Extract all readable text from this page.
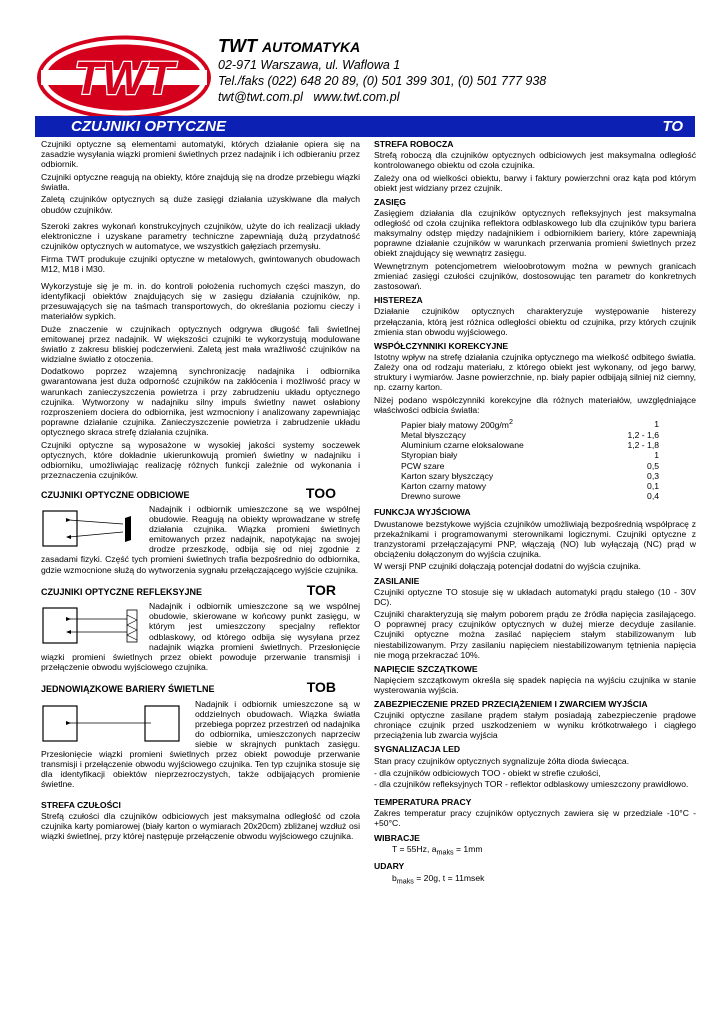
TWT
TWT AUTOMATYKA
02-971 Warszawa, ul. Waflowa 1
Tel./faks (022) 648 20 89, (0) 501 399 301, (0) 501 777 938
twt@twt.com.pl www.twt.com.pl
CZUJNIKI OPTYCZNE	TO

Czujniki optyczne są elementami automatyki, których działanie opiera się na zasadzie wysyłania wiązki promieni świetlnych przez nadajnik i ich odbieraniu przez odbiornik.

Czujniki optyczne reagują na obiekty, które znajdują się na drodze przebiegu wiązki światła.

Zaletą czujników optycznych są duże zasięgi działania uzyskiwane dla małych obudów czujników.

Szeroki zakres wykonań konstrukcyjnych czujników, użyte do ich realizacji układy elektroniczne i uzyskane parametry techniczne zapewniają dużą przydatność czujników optycznych w automatyce, we wszystkich gałęziach przemysłu.

Firma TWT produkuje czujniki optyczne w metalowych, gwintowanych obudowach M12, M18 i M30.

Wykorzystuje się je m. in. do kontroli położenia ruchomych części maszyn, do identyfikacji obiektów znajdujących się w zasięgu działania czujników, np. przesuwających się na taśmach transportowych, do określania poziomu cieczy i materiałów sypkich.

Duże znaczenie w czujnikach optycznych odgrywa długość fali świetlnej emitowanej przez nadajnik. W większości czujniki te wykorzystują modulowane światło z zakresu bliskiej podczerwieni. Zaletą jest mała wrażliwość czujników na widzialne światło z otoczenia.

Dodatkowo poprzez wzajemną synchronizację nadajnika i odbiornika gwarantowana jest duża odporność czujników na zakłócenia i możliwość pracy w warunkach zanieczyszczenia powietrza i przy zabrudzeniu układu optycznego czujnika. Wytworzony w nadajniku silny impuls świetlny nawet osłabiony rozproszeniem dociera do odbiornika, jest wzmocniony i analizowany zapewniając poprawne działanie czujnika. Zanieczyszczenie powietrza i zabrudzenie układu optycznego skraca strefę działania czujnika.

Czujniki optyczne są wyposażone w wysokiej jakości systemy soczewek optycznych, które dokładnie ukierunkowują promień świetlny w nadajniku i odbiorniku, umożliwiając realizację różnych funkcji zależnie od wykonania i przeznaczenia czujników.

CZUJNIKI OPTYCZNE ODBICIOWE	TOO

Nadajnik i odbiornik umieszczone są we wspólnej obudowie. Reagują na obiekty wprowadzane w strefę działania czujnika. Wiązka promieni świetlnych emitowanych przez nadajnik, napotykając na swojej drodze przeszkodę, odbija się od niej zgodnie z zasadami fizyki. Część tych promieni świetlnych trafia bezpośrednio do odbiornika, gdzie wzmocnione służą do wytworzenia sygnału przełączającego wyjście czujnika.

CZUJNIKI OPTYCZNE REFLEKSYJNE	TOR

Nadajnik i odbiornik umieszczone są we wspólnej obudowie, skierowane w końcowy punkt zasięgu, w którym jest umieszczony specjalny reflektor odblaskowy, od którego odbija się wysyłana przez nadajnik wiązka promieni świetlnych. Przesłonięcie wiązki promieni świetlnych przez obiekt powoduje przerwanie transmisji i przełączenie obwodu wyjściowego czujnika.

JEDNOWIĄZKOWE BARIERY ŚWIETLNE	TOB

Nadajnik i odbiornik umieszczone są w oddzielnych obudowach. Wiązka światła przebiega poprzez przestrzeń od nadajnika do odbiornika, umieszczonych naprzeciw siebie w skrajnych punktach zasięgu. Przesłonięcie wiązki promieni świetlnych przez obiekt powoduje przerwanie transmisji i przełączenie obwodu wyjściowego czujnika. Ten typ czujnika stosuje się dla identyfikacji obiektów nieprzezroczystych, także odbijających promienie świetlne.

STREFA CZUŁOŚCI

Strefą czułości dla czujników odbiciowych jest maksymalna odległość od czoła czujnika karty pomiarowej (biały karton o wymiarach 20x20cm) zbliżanej wzdłuż osi wiązki świetlnej, przy której następuje przełączenie obwodu wyjściowego czujnika.

STREFA ROBOCZA

Strefą roboczą dla czujników optycznych odbiciowych jest maksymalna odległość kontrolowanego obiektu od czoła czujnika.

Zależy ona od wielkości obiektu, barwy i faktury powierzchni oraz kąta pod którym obiekt jest widziany przez czujnik.

ZASIĘG

Zasięgiem działania dla czujników optycznych refleksyjnych jest maksymalna odległość od czoła czujnika reflektora odblaskowego lub dla czujników typu bariera maksymalny odstęp między nadajnikiem i odbiornikiem bariery, które zapewniają poprawne działanie czujników w warunkach przerwania promieni świetlnych przez obiekt znajdujący się wewnątrz zasięgu.

Wewnętrznym potencjometrem wieloobrotowym można w pewnych granicach zmieniać zasięgi czułości czujników, dostosowując ten parametr do konkretnych zastosowań.

HISTEREZA

Działanie czujników optycznych charakteryzuje występowanie histerezy przełączania, którą jest różnica odległości obiektu od czujnika, przy których czujnik zmienia stan obwodu wyjściowego.

WSPÓŁCZYNNIKI KOREKCYJNE

Istotny wpływ na strefę działania czujnika optycznego ma wielkość odbitego światła. Zależy ona od rodzaju materiału, z którego obiekt jest wykonany, od jego barwy, struktury i wymiarów. Jasne powierzchnie, np. biały papier odbijają silniej niż ciemny, np. czarny karton.

Niżej podano współczynniki korekcyjne dla różnych materiałów, uwzględniające właściwości odbicia światła:

Papier biały matowy $200g/m^2$		1
Metal błyszczący		1,2 - 1,6
Aluminium czarne eloksalowane		1,2 - 1,8
Styropian biały		1
PCW szare		0,5
Karton szary błyszczący		0,3
Karton czarny matowy		0,1
Drewno surowe		0,4
FUNKCJA WYJŚCIOWA

Dwustanowe bezstykowe wyjścia czujników umożliwiają bezpośrednią współpracę z przekaźnikami i programowanymi sterownikami logicznymi. Czujniki optyczne z tranzystorami przełączającymi PNP, włączają (NO) lub wyłączają (NC) prąd w obciążeniu dołączonym do wyjścia czujnika.

W wersji PNP czujniki dołączają potencjał dodatni do wyjścia czujnika.

ZASILANIE

Czujniki optyczne TO stosuje się w układach automatyki prądu stałego (10 - 30V DC).

Czujniki charakteryzują się małym poborem prądu ze źródła napięcia zasilającego. O poprawnej pracy czujników optycznych w dużej mierze decyduje zasilanie. Czujniki optyczne można zasilać napięciem stałym stabilizowanym lub niestabilizowanym. Przy zasilaniu napięciem niestabilizowanym tętnienia napięcia nie mogą przekraczać 10%.

NAPIĘCIE SZCZĄTKOWE

Napięciem szczątkowym określa się spadek napięcia na wyjściu czujnika w stanie wysterowania wyjścia.

ZABEZPIECZENIE PRZED PRZECIĄŻENIEM I ZWARCIEM WYJŚCIA

Czujniki optyczne zasilane prądem stałym posiadają zabezpieczenie prądowe chroniące czujnik przed uszkodzeniem w wyniku krótkotrwałego i ciągłego przeciążenia lub zwarcia wyjścia

SYGNALIZACJA LED

Stan pracy czujników optycznych sygnalizuje żółta dioda świecąca.

- dla czujników odbiciowych TOO - obiekt w strefie czułości,
- dla czujników refleksyjnych TOR - reflektor odblaskowy umieszczony prawidłowo.
TEMPERATURA PRACY

Zakres temperatur pracy czujników optycznych zawiera się w przedziale -10°C - +50°C.

WIBRACJE

T = 55Hz, $a_{maks} = 1mm$

UDARY

$b_{maks} = 20g$, t = 11msek
